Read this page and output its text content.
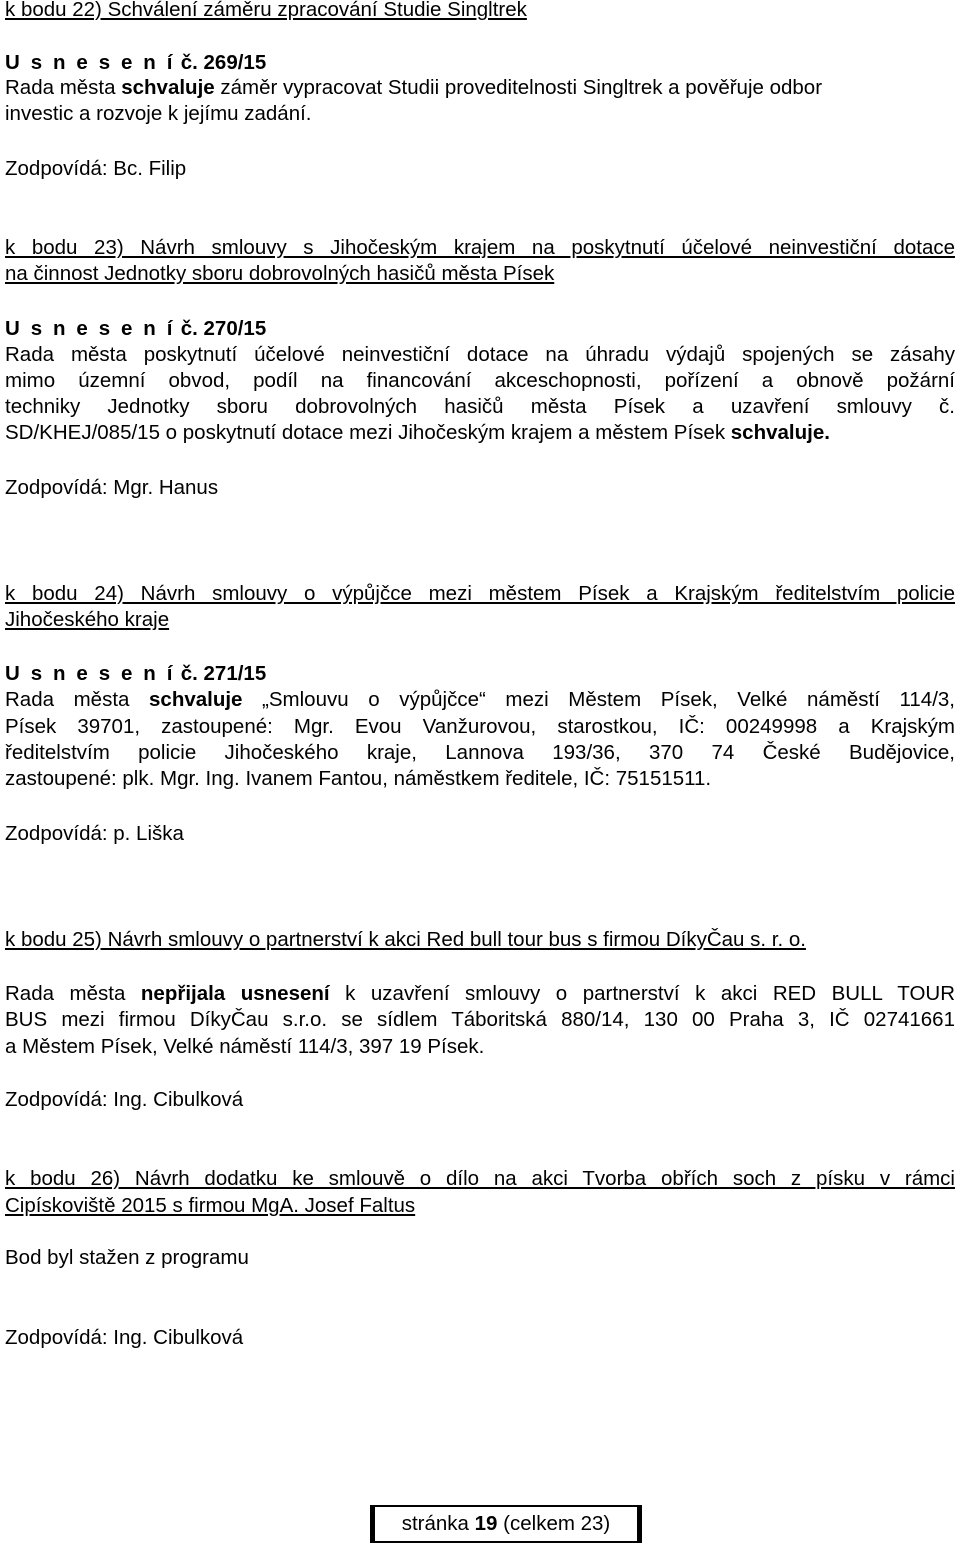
k bodu 22) Schválení záměru zpracování Studie Singltrek

U s n e s e n í č. 269/15

Rada města schvaluje záměr vypracovat Studii proveditelnosti Singltrek a pověřuje odbor

investic a rozvoje k jejímu zadání.

Zodpovídá: Bc. Filip

k bodu 23) Návrh smlouvy s Jihočeským krajem na poskytnutí účelové neinvestiční dotace

na činnost Jednotky sboru dobrovolných hasičů města Písek

U s n e s e n í č. 270/15

Rada města poskytnutí účelové neinvestiční dotace na úhradu výdajů spojených se zásahy

mimo územní obvod, podíl na financování akceschopnosti, pořízení a obnově požární

techniky Jednotky sboru dobrovolných hasičů města Písek a uzavření smlouvy č.

SD/KHEJ/085/15 o poskytnutí dotace mezi Jihočeským krajem a městem Písek schvaluje.

Zodpovídá: Mgr. Hanus

k bodu 24) Návrh smlouvy o výpůjčce mezi městem Písek a Krajským ředitelstvím policie

Jihočeského kraje

U s n e s e n í č. 271/15

Rada města schvaluje „Smlouvu o výpůjčce“ mezi Městem Písek, Velké náměstí 114/3,

Písek 39701, zastoupené: Mgr. Evou Vanžurovou, starostkou, IČ: 00249998 a Krajským

ředitelstvím policie Jihočeského kraje, Lannova 193/36, 370 74 České Budějovice,

zastoupené: plk. Mgr. Ing. Ivanem Fantou, náměstkem ředitele, IČ: 75151511.

Zodpovídá: p. Liška

k bodu 25) Návrh smlouvy o partnerství k akci Red bull tour bus s firmou DíkyČau s. r. o.

Rada města nepřijala usnesení k uzavření smlouvy o partnerství k akci RED BULL TOUR

BUS mezi firmou DíkyČau s.r.o. se sídlem Táboritská 880/14, 130 00 Praha 3, IČ 02741661

a Městem Písek, Velké náměstí 114/3, 397 19 Písek.

Zodpovídá: Ing. Cibulková

k bodu 26) Návrh dodatku ke smlouvě o dílo na akci Tvorba obřích soch z písku v rámci

Cipískoviště 2015 s firmou MgA. Josef Faltus

Bod byl stažen z programu

Zodpovídá: Ing. Cibulková

stránka 19 (celkem 23)
